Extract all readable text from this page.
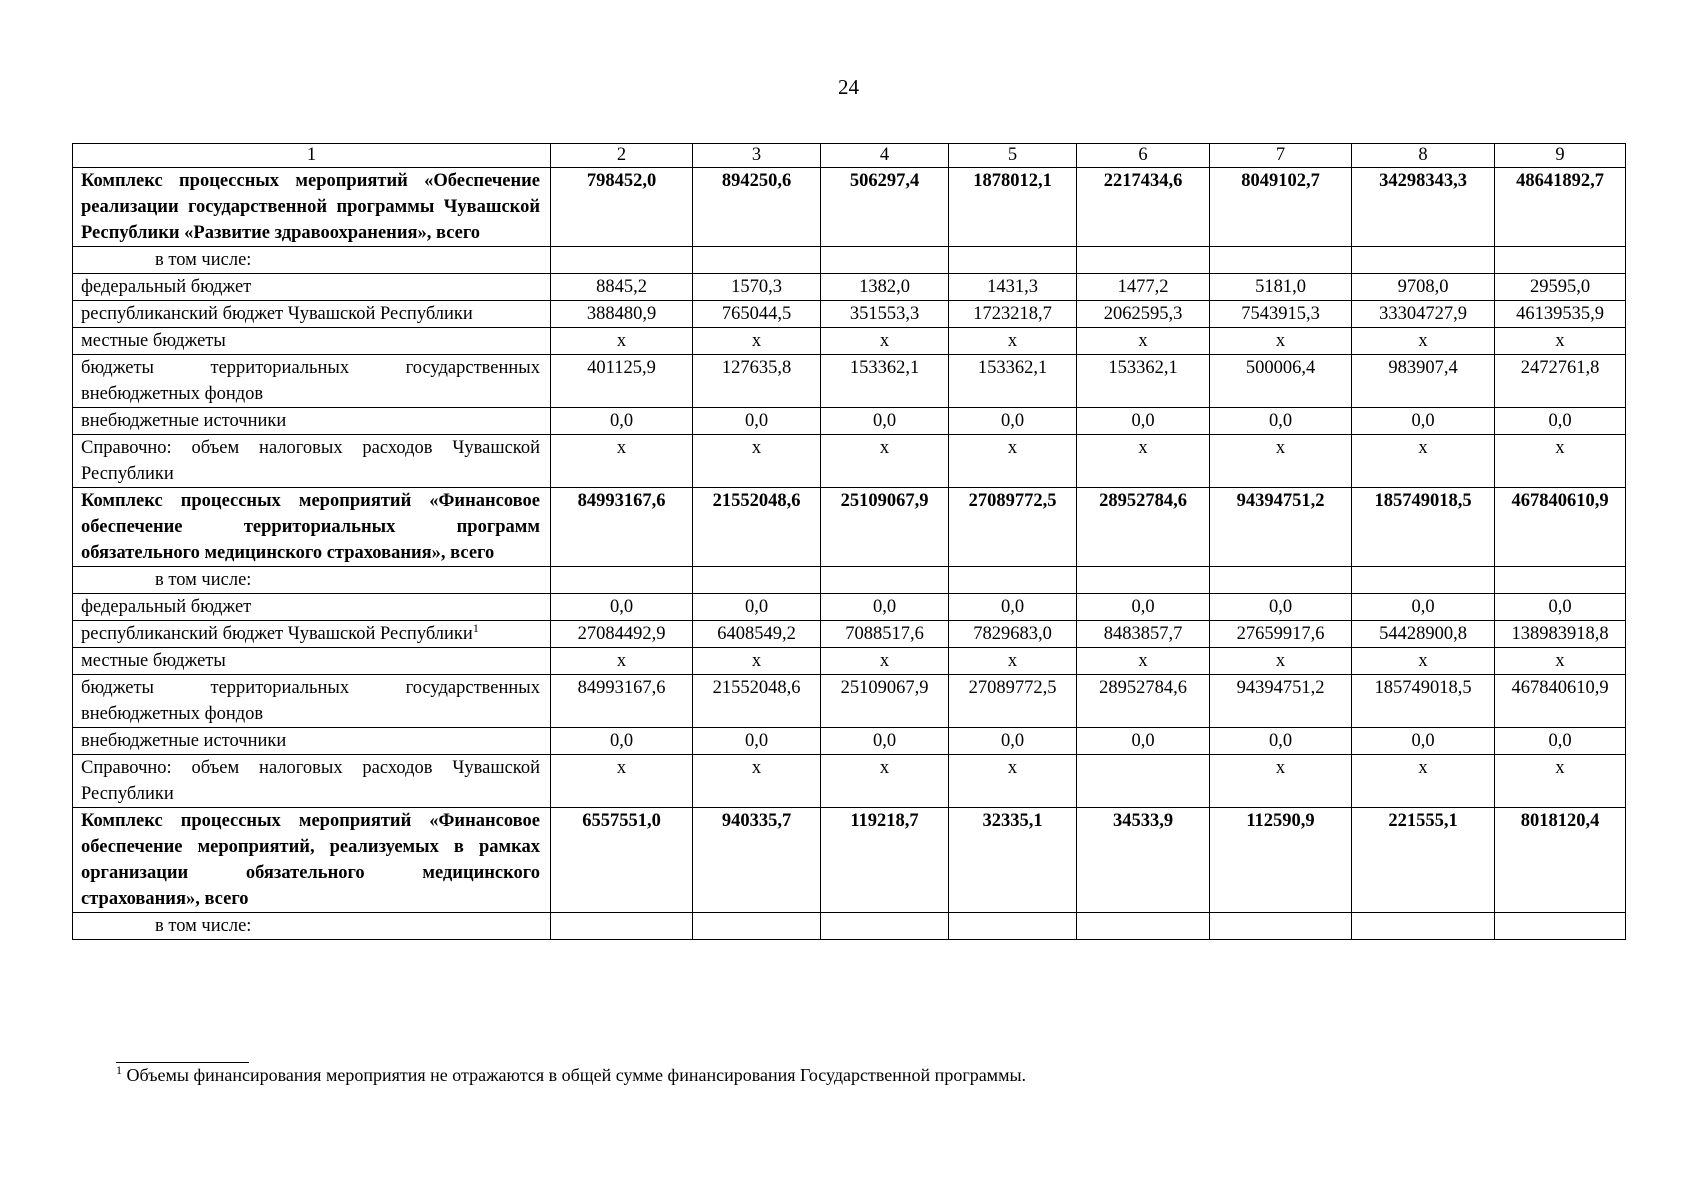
24
1	2	3	4	5	6	7	8	9
Комплекс процессных мероприятий «Обеспечение реализации государственной программы Чувашской Республики «Развитие здравоохранения», всего	798452,0	894250,6	506297,4	1878012,1	2217434,6	8049102,7	34298343,3	48641892,7
в том числе:								
федеральный бюджет	8845,2	1570,3	1382,0	1431,3	1477,2	5181,0	9708,0	29595,0
республиканский бюджет Чувашской Республики	388480,9	765044,5	351553,3	1723218,7	2062595,3	7543915,3	33304727,9	46139535,9
местные бюджеты	х	х	х	х	х	х	х	х
бюджеты территориальных государственных внебюджетных фондов	401125,9	127635,8	153362,1	153362,1	153362,1	500006,4	983907,4	2472761,8
внебюджетные источники	0,0	0,0	0,0	0,0	0,0	0,0	0,0	0,0
Справочно: объем налоговых расходов Чувашской Республики	х	х	х	х	х	х	х	х
Комплекс процессных мероприятий «Финансовое обеспечение территориальных программ обязательного медицинского страхования», всего	84993167,6	21552048,6	25109067,9	27089772,5	28952784,6	94394751,2	185749018,5	467840610,9
в том числе:								
федеральный бюджет	0,0	0,0	0,0	0,0	0,0	0,0	0,0	0,0
республиканский бюджет Чувашской Республики$^1$	27084492,9	6408549,2	7088517,6	7829683,0	8483857,7	27659917,6	54428900,8	138983918,8
местные бюджеты	х	х	х	х	х	х	х	х
бюджеты территориальных государственных внебюджетных фондов	84993167,6	21552048,6	25109067,9	27089772,5	28952784,6	94394751,2	185749018,5	467840610,9
внебюджетные источники	0,0	0,0	0,0	0,0	0,0	0,0	0,0	0,0
Справочно: объем налоговых расходов Чувашской Республики	х	х	х	х		х	х	х
Комплекс процессных мероприятий «Финансовое обеспечение мероприятий, реализуемых в рамках организации обязательного медицинского страхования», всего	6557551,0	940335,7	119218,7	32335,1	34533,9	112590,9	221555,1	8018120,4
в том числе:								
$^1$ Объемы финансирования мероприятия не отражаются в общей сумме финансирования Государственной программы.
